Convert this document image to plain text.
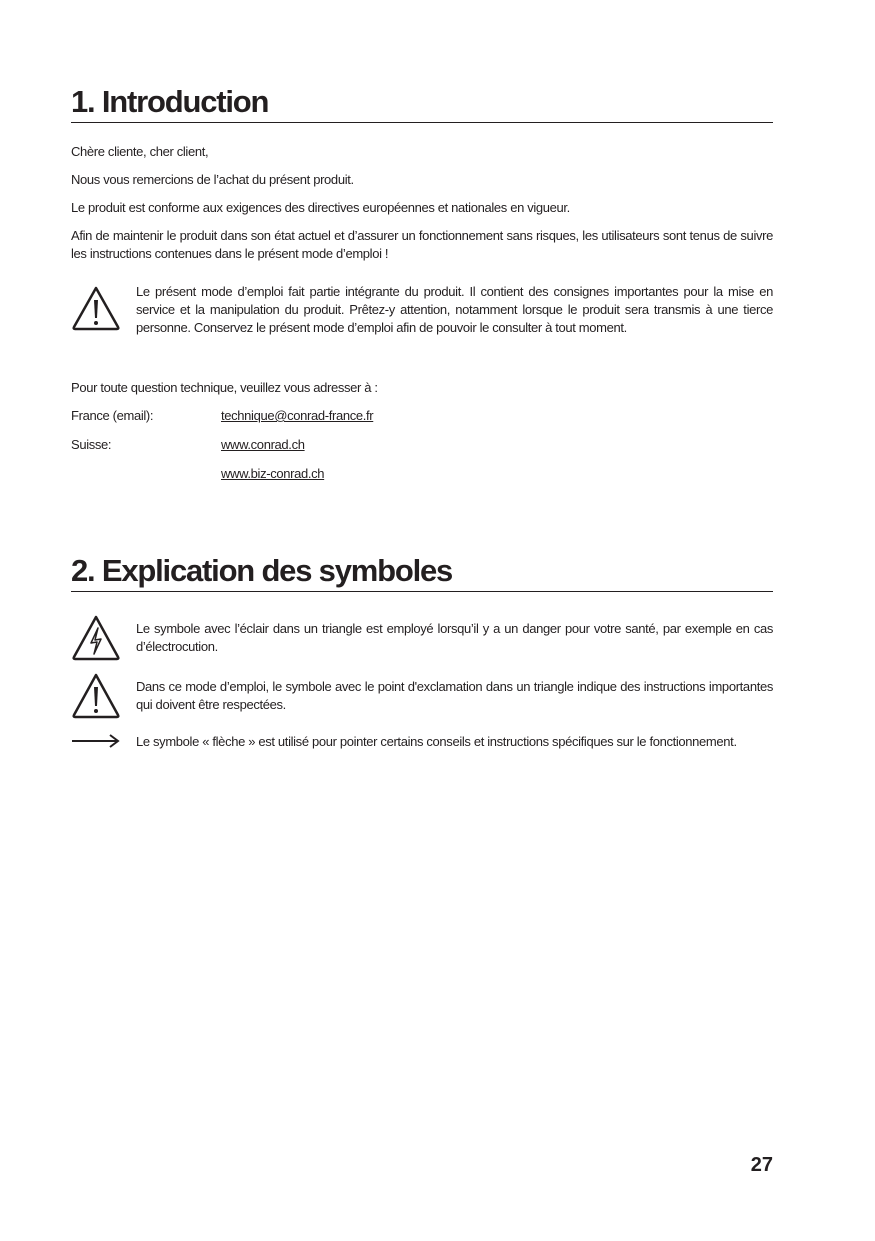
1. Introduction
Chère cliente, cher client,
Nous vous remercions de l’achat du présent produit.
Le produit est conforme aux exigences des directives européennes et nationales en vigueur.
Afin de maintenir le produit dans son état actuel et d’assurer un fonctionnement sans risques, les utilisateurs sont tenus de suivre les instructions contenues dans le présent mode d’emploi !
Le présent mode d’emploi fait partie intégrante du produit. Il contient des consignes importantes pour la mise en service et la manipulation du produit. Prêtez-y attention, notamment lorsque le produit sera transmis à une tierce personne. Conservez le présent mode d’emploi afin de pouvoir le consulter à tout moment.
Pour toute question technique, veuillez vous adresser à :
France (email):	technique@conrad-france.fr
Suisse:	www.conrad.ch
www.biz-conrad.ch
2. Explication des symboles
Le symbole avec l’éclair dans un triangle est employé lorsqu’il y a un danger pour votre santé, par exemple en cas d’électrocution.
Dans ce mode d’emploi, le symbole avec le point d'exclamation dans un triangle indique des instructions importantes qui doivent être respectées.
Le symbole « flèche » est utilisé pour pointer certains conseils et instructions spécifiques sur le fonctionnement.
27
